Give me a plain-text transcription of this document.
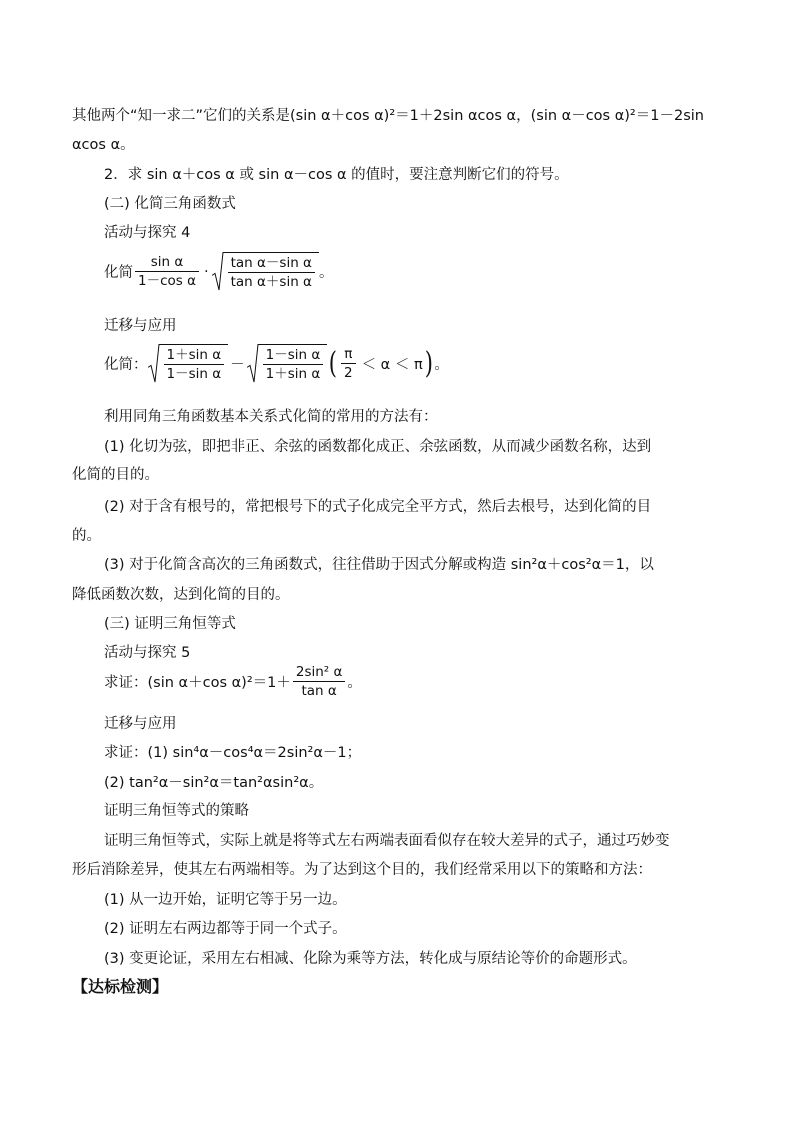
其他两个“知一求二”它们的关系是(sin α＋cos α)²＝1＋2sin αcos α，(sin α－cos α)²＝1－2sin
αcos α。
2．求 sin α＋cos α 或 sin α－cos α 的值时，要注意判断它们的符号。
(二) 化简三角函数式
活动与探究 4
化简 $\frac{\text{sin α}}{\text{1－cos α}} \cdot \frac{\text{tan α－sin α}}{\text{tan α＋sin α}}$ 。
迁移与应用
化简： $\frac{\text{1＋sin α}}{\text{1－sin α}} - \frac{\text{1－sin α}}{\text{1＋sin α}}$ ( $\frac{\pi}{2} < \alpha < \pi$) 。
利用同角三角函数基本关系式化简的常用的方法有：
(1) 化切为弦，即把非正、余弦的函数都化成正、余弦函数，从而减少函数名称，达到
化简的目的。
(2) 对于含有根号的，常把根号下的式子化成完全平方式，然后去根号，达到化简的目
的。
(3) 对于化简含高次的三角函数式，往往借助于因式分解或构造 sin²α＋cos²α＝1，以
降低函数次数，达到化简的目的。
(三) 证明三角恒等式
活动与探究 5
求证：(sin α＋cos $\alpha)^2=1+ \frac{\text{2sin² α}}{\text{tan α}}$ 。
迁移与应用
求证：(1) sin⁴α－cos⁴α＝2sin²α－1；
(2) tan²α－sin²α＝tan²αsin²α。
证明三角恒等式的策略
证明三角恒等式，实际上就是将等式左右两端表面看似存在较大差异的式子，通过巧妙变
形后消除差异，使其左右两端相等。为了达到这个目的，我们经常采用以下的策略和方法：
(1) 从一边开始，证明它等于另一边。
(2) 证明左右两边都等于同一个式子。
(3) 变更论证，采用左右相减、化除为乘等方法，转化成与原结论等价的命题形式。
【达标检测】
